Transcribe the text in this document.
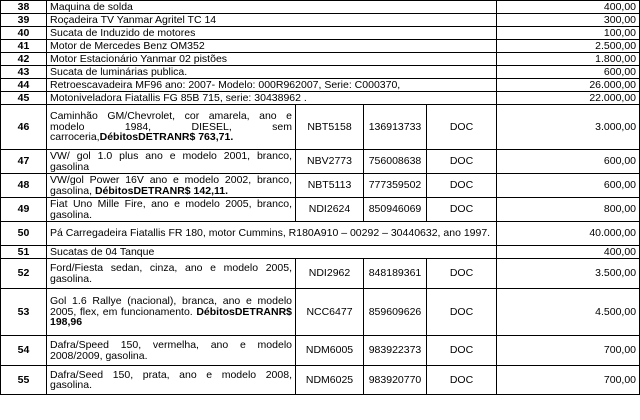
38	Maquina de solda				400,00
39	Roçadeira TV Yanmar Agritel TC 14				300,00
40	Sucata de Induzido de motores				100,00
41	Motor de Mercedes Benz OM352				2.500,00
42	Motor Estacionário Yanmar 02 pistões				1.800,00
43	Sucata de luminárias publica.				600,00
44	Retroescavadeira MF96 ano: 2007- Modelo: 000R962007, Serie: C000370,				26.000,00
45	Motoniveladora Fiatallis FG 85B 715, serie: 30438962 .				22.000,00
46	Caminhão GM/Chevrolet, cor amarela, ano e modelo 1984, DIESEL, sem carroceria,DébitosDETRANR$ 763,71.	NBT5158	136913733	DOC	3.000,00
47	VW/ gol 1.0 plus ano e modelo 2001, branco, gasolina	NBV2773	756008638	DOC	600,00
48	VW/gol Power 16V ano e modelo 2002, branco, gasolina, DébitosDETRANR$ 142,11.	NBT5113	777359502	DOC	600,00
49	Fiat Uno Mille Fire, ano e modelo 2005, branco, gasolina.	NDI2624	850946069	DOC	800,00
50	Pá Carregadeira Fiatallis FR 180, motor Cummins, R180A910 – 00292 – 30440632, ano 1997.				40.000,00
51	Sucatas de 04 Tanque				400,00
52	Ford/Fiesta sedan, cinza, ano e modelo 2005, gasolina.	NDI2962	848189361	DOC	3.500,00
53	Gol 1.6 Rallye (nacional), branca, ano e modelo 2005, flex, em funcionamento. DébitosDETRANR$ 198,96	NCC6477	859609626	DOC	4.500,00
54	Dafra/Speed 150, vermelha, ano e modelo 2008/2009, gasolina.	NDM6005	983922373	DOC	700,00
55	Dafra/Seed 150, prata, ano e modelo 2008, gasolina.	NDM6025	983920770	DOC	700,00
